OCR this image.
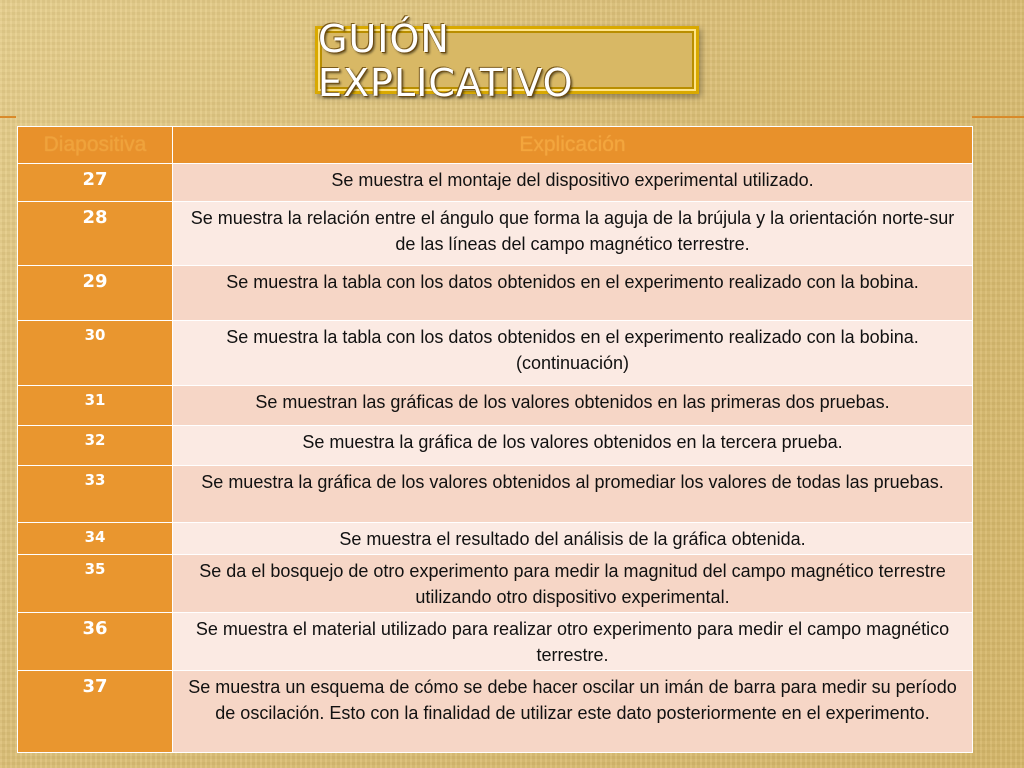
GUIÓN EXPLICATIVO
Diapositiva	Explicación
27	Se muestra el montaje del dispositivo experimental utilizado.
28	Se muestra la relación entre el ángulo que forma la aguja de la brújula y la orientación norte-sur de las líneas del campo magnético terrestre.
29	Se muestra la tabla con los datos obtenidos en el experimento realizado con la bobina.
30	Se muestra la tabla con los datos obtenidos en el experimento realizado con la bobina. (continuación)
31	Se muestran las gráficas de los valores obtenidos en las primeras dos pruebas.
32	Se muestra la gráfica de los valores obtenidos en la tercera prueba.
33	Se muestra la gráfica de los valores obtenidos al promediar los valores de todas las pruebas.
34	Se muestra el resultado del análisis de la gráfica obtenida.
35	Se da el bosquejo de otro experimento para medir la magnitud del campo magnético terrestre utilizando otro dispositivo experimental.
36	Se muestra el material utilizado para realizar otro experimento para medir el campo magnético terrestre.
37	Se muestra un esquema de cómo se debe hacer oscilar un imán de barra para medir su período de oscilación. Esto con la finalidad de utilizar este dato posteriormente en el experimento.
